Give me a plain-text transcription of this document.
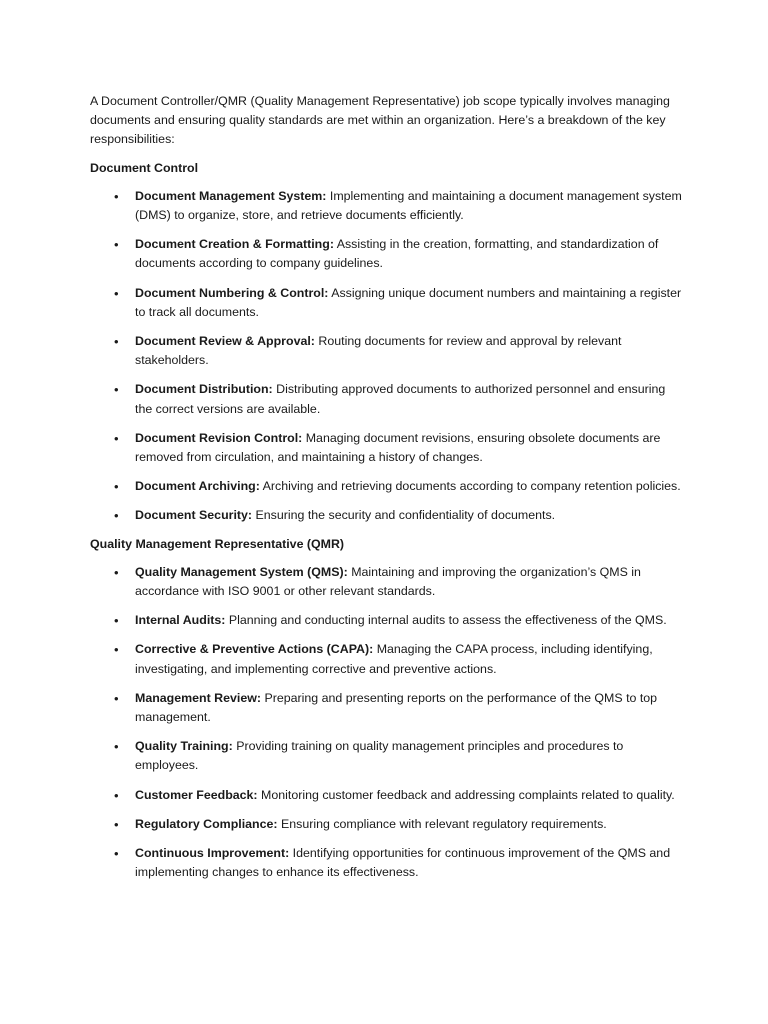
A Document Controller/QMR (Quality Management Representative) job scope typically involves managing documents and ensuring quality standards are met within an organization. Here’s a breakdown of the key responsibilities:

Document Control

• Document Management System: Implementing and maintaining a document management system (DMS) to organize, store, and retrieve documents efficiently.
• Document Creation & Formatting: Assisting in the creation, formatting, and standardization of documents according to company guidelines.
• Document Numbering & Control: Assigning unique document numbers and maintaining a register to track all documents.
• Document Review & Approval: Routing documents for review and approval by relevant stakeholders.
• Document Distribution: Distributing approved documents to authorized personnel and ensuring the correct versions are available.
• Document Revision Control: Managing document revisions, ensuring obsolete documents are removed from circulation, and maintaining a history of changes.
• Document Archiving: Archiving and retrieving documents according to company retention policies.
• Document Security: Ensuring the security and confidentiality of documents.

Quality Management Representative (QMR)

• Quality Management System (QMS): Maintaining and improving the organization’s QMS in accordance with ISO 9001 or other relevant standards.
• Internal Audits: Planning and conducting internal audits to assess the effectiveness of the QMS.
• Corrective & Preventive Actions (CAPA): Managing the CAPA process, including identifying, investigating, and implementing corrective and preventive actions.
• Management Review: Preparing and presenting reports on the performance of the QMS to top management.
• Quality Training: Providing training on quality management principles and procedures to employees.
• Customer Feedback: Monitoring customer feedback and addressing complaints related to quality.
• Regulatory Compliance: Ensuring compliance with relevant regulatory requirements.
• Continuous Improvement: Identifying opportunities for continuous improvement of the QMS and implementing changes to enhance its effectiveness.
